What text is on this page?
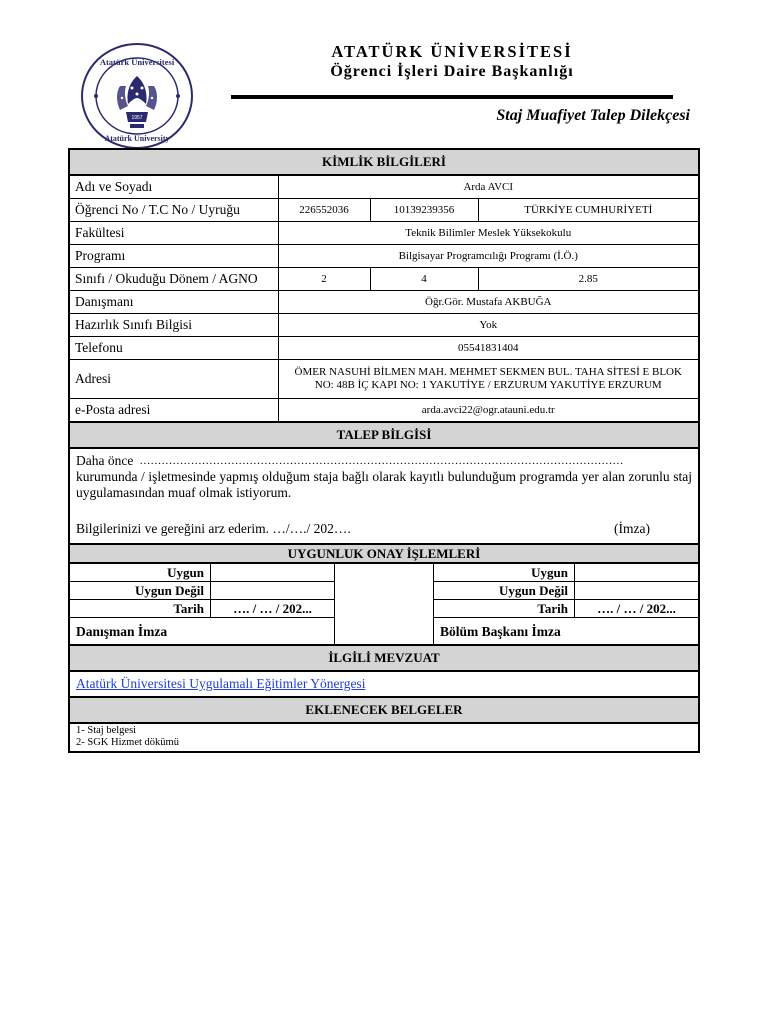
Atatürk Üniversitesi
Atatürk University
1957
ATATÜRK ÜNİVERSİTESİ
Öğrenci İşleri Daire Başkanlığı
Staj Muafiyet Talep Dilekçesi
KİMLİK BİLGİLERİ
Adı ve Soyadı	Arda AVCI		
Öğrenci No / T.C No / Uyruğu	226552036	10139239356	TÜRKİYE CUMHURİYETİ
Fakültesi	Teknik Bilimler Meslek Yüksekokulu		
Programı	Bilgisayar Programcılığı Programı (İ.Ö.)		
Sınıfı / Okuduğu Dönem / AGNO	2	4	2.85
Danışmanı	Öğr.Gör. Mustafa AKBUĞA		
Hazırlık Sınıfı Bilgisi	Yok		
Telefonu	05541831404		
Adresi	ÖMER NASUHİ BİLMEN MAH. MEHMET SEKMEN BUL. TAHA SİTESİ E BLOK NO: 48B İÇ KAPI NO: 1 YAKUTİYE / ERZURUM YAKUTİYE ERZURUM		
e-Posta adresi	arda.avci22@ogr.atauni.edu.tr		
TALEP BİLGİSİ
Daha önce ……………………………………………………………………………………………………………………
kurumunda / işletmesinde yapmış olduğum staja bağlı olarak kayıtlı bulunduğum programda yer alan zorunlu staj uygulamasından muaf olmak istiyorum.
Bilgilerinizi ve gereğini arz ederim. …/…./ 202….	(İmza)
UYGUNLUK ONAY İŞLEMLERİ
Uygun
Uygun Değil
Tarih	…. / … / 202...
Danışman İmza
Uygun
Uygun Değil
Tarih	…. / … / 202...
Bölüm Başkanı İmza
İLGİLİ MEVZUAT
Atatürk Üniversitesi Uygulamalı Eğitimler Yönergesi
EKLENECEK BELGELER
1- Staj belgesi
2- SGK Hizmet dökümü
